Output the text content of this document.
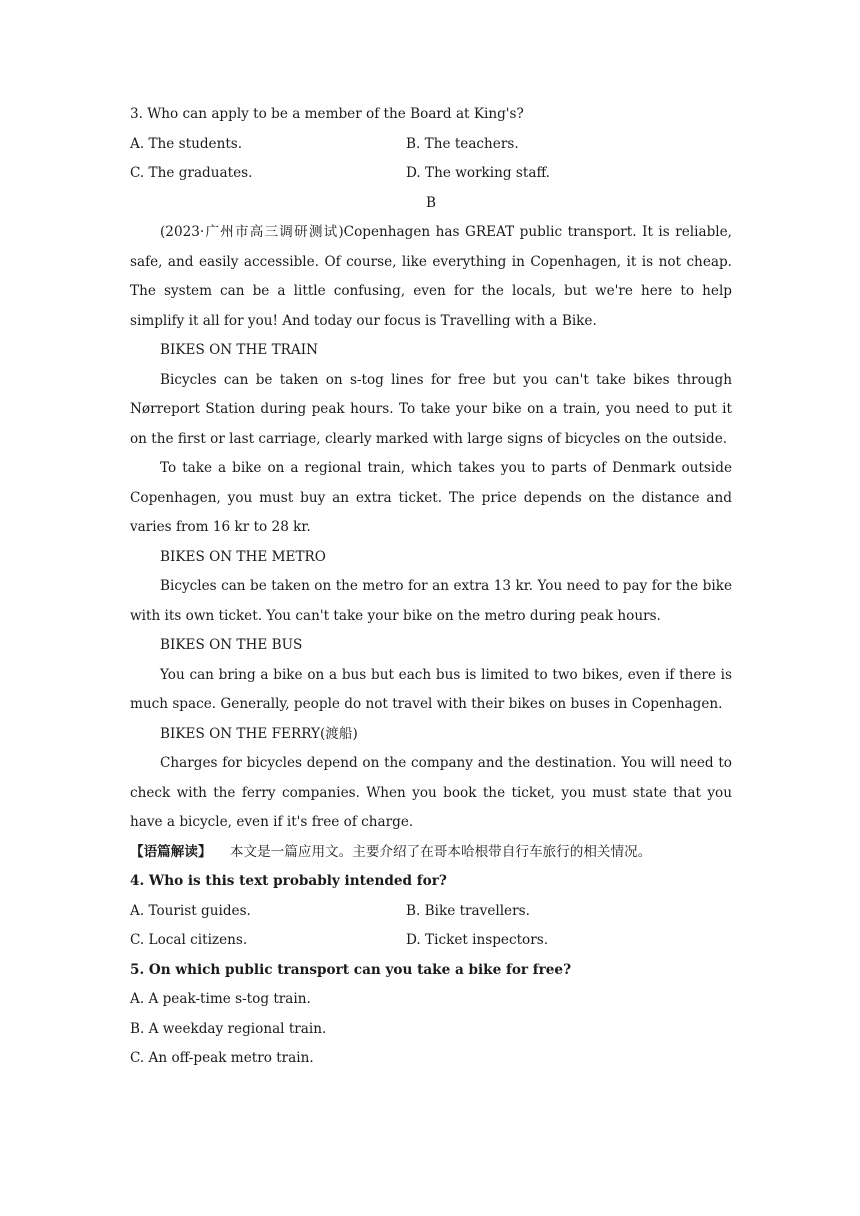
3. Who can apply to be a member of the Board at King's?

A. The students.	B. The teachers.
C. The graduates.	D. The working staff.

B

(2023·广州市高三调研测试)Copenhagen has GREAT public transport. It is reliable, safe, and easily accessible. Of course, like everything in Copenhagen, it is not cheap. The system can be a little confusing, even for the locals, but we're here to help simplify it all for you! And today our focus is Travelling with a Bike.

BIKES ON THE TRAIN

Bicycles can be taken on s-tog lines for free but you can't take bikes through Nørreport Station during peak hours. To take your bike on a train, you need to put it on the first or last carriage, clearly marked with large signs of bicycles on the outside.

To take a bike on a regional train, which takes you to parts of Denmark outside Copenhagen, you must buy an extra ticket. The price depends on the distance and varies from 16 kr to 28 kr.

BIKES ON THE METRO

Bicycles can be taken on the metro for an extra 13 kr. You need to pay for the bike with its own ticket. You can't take your bike on the metro during peak hours.

BIKES ON THE BUS

You can bring a bike on a bus but each bus is limited to two bikes, even if there is much space. Generally, people do not travel with their bikes on buses in Copenhagen.

BIKES ON THE FERRY(渡船)

Charges for bicycles depend on the company and the destination. You will need to check with the ferry companies. When you book the ticket, you must state that you have a bicycle, even if it's free of charge.

【语篇解读】 本文是一篇应用文。主要介绍了在哥本哈根带自行车旅行的相关情况。

4. Who is this text probably intended for?

A. Tourist guides.	B. Bike travellers.
C. Local citizens.	D. Ticket inspectors.

5. On which public transport can you take a bike for free?

A. A peak-time s-tog train.

B. A weekday regional train.

C. An off-peak metro train.
